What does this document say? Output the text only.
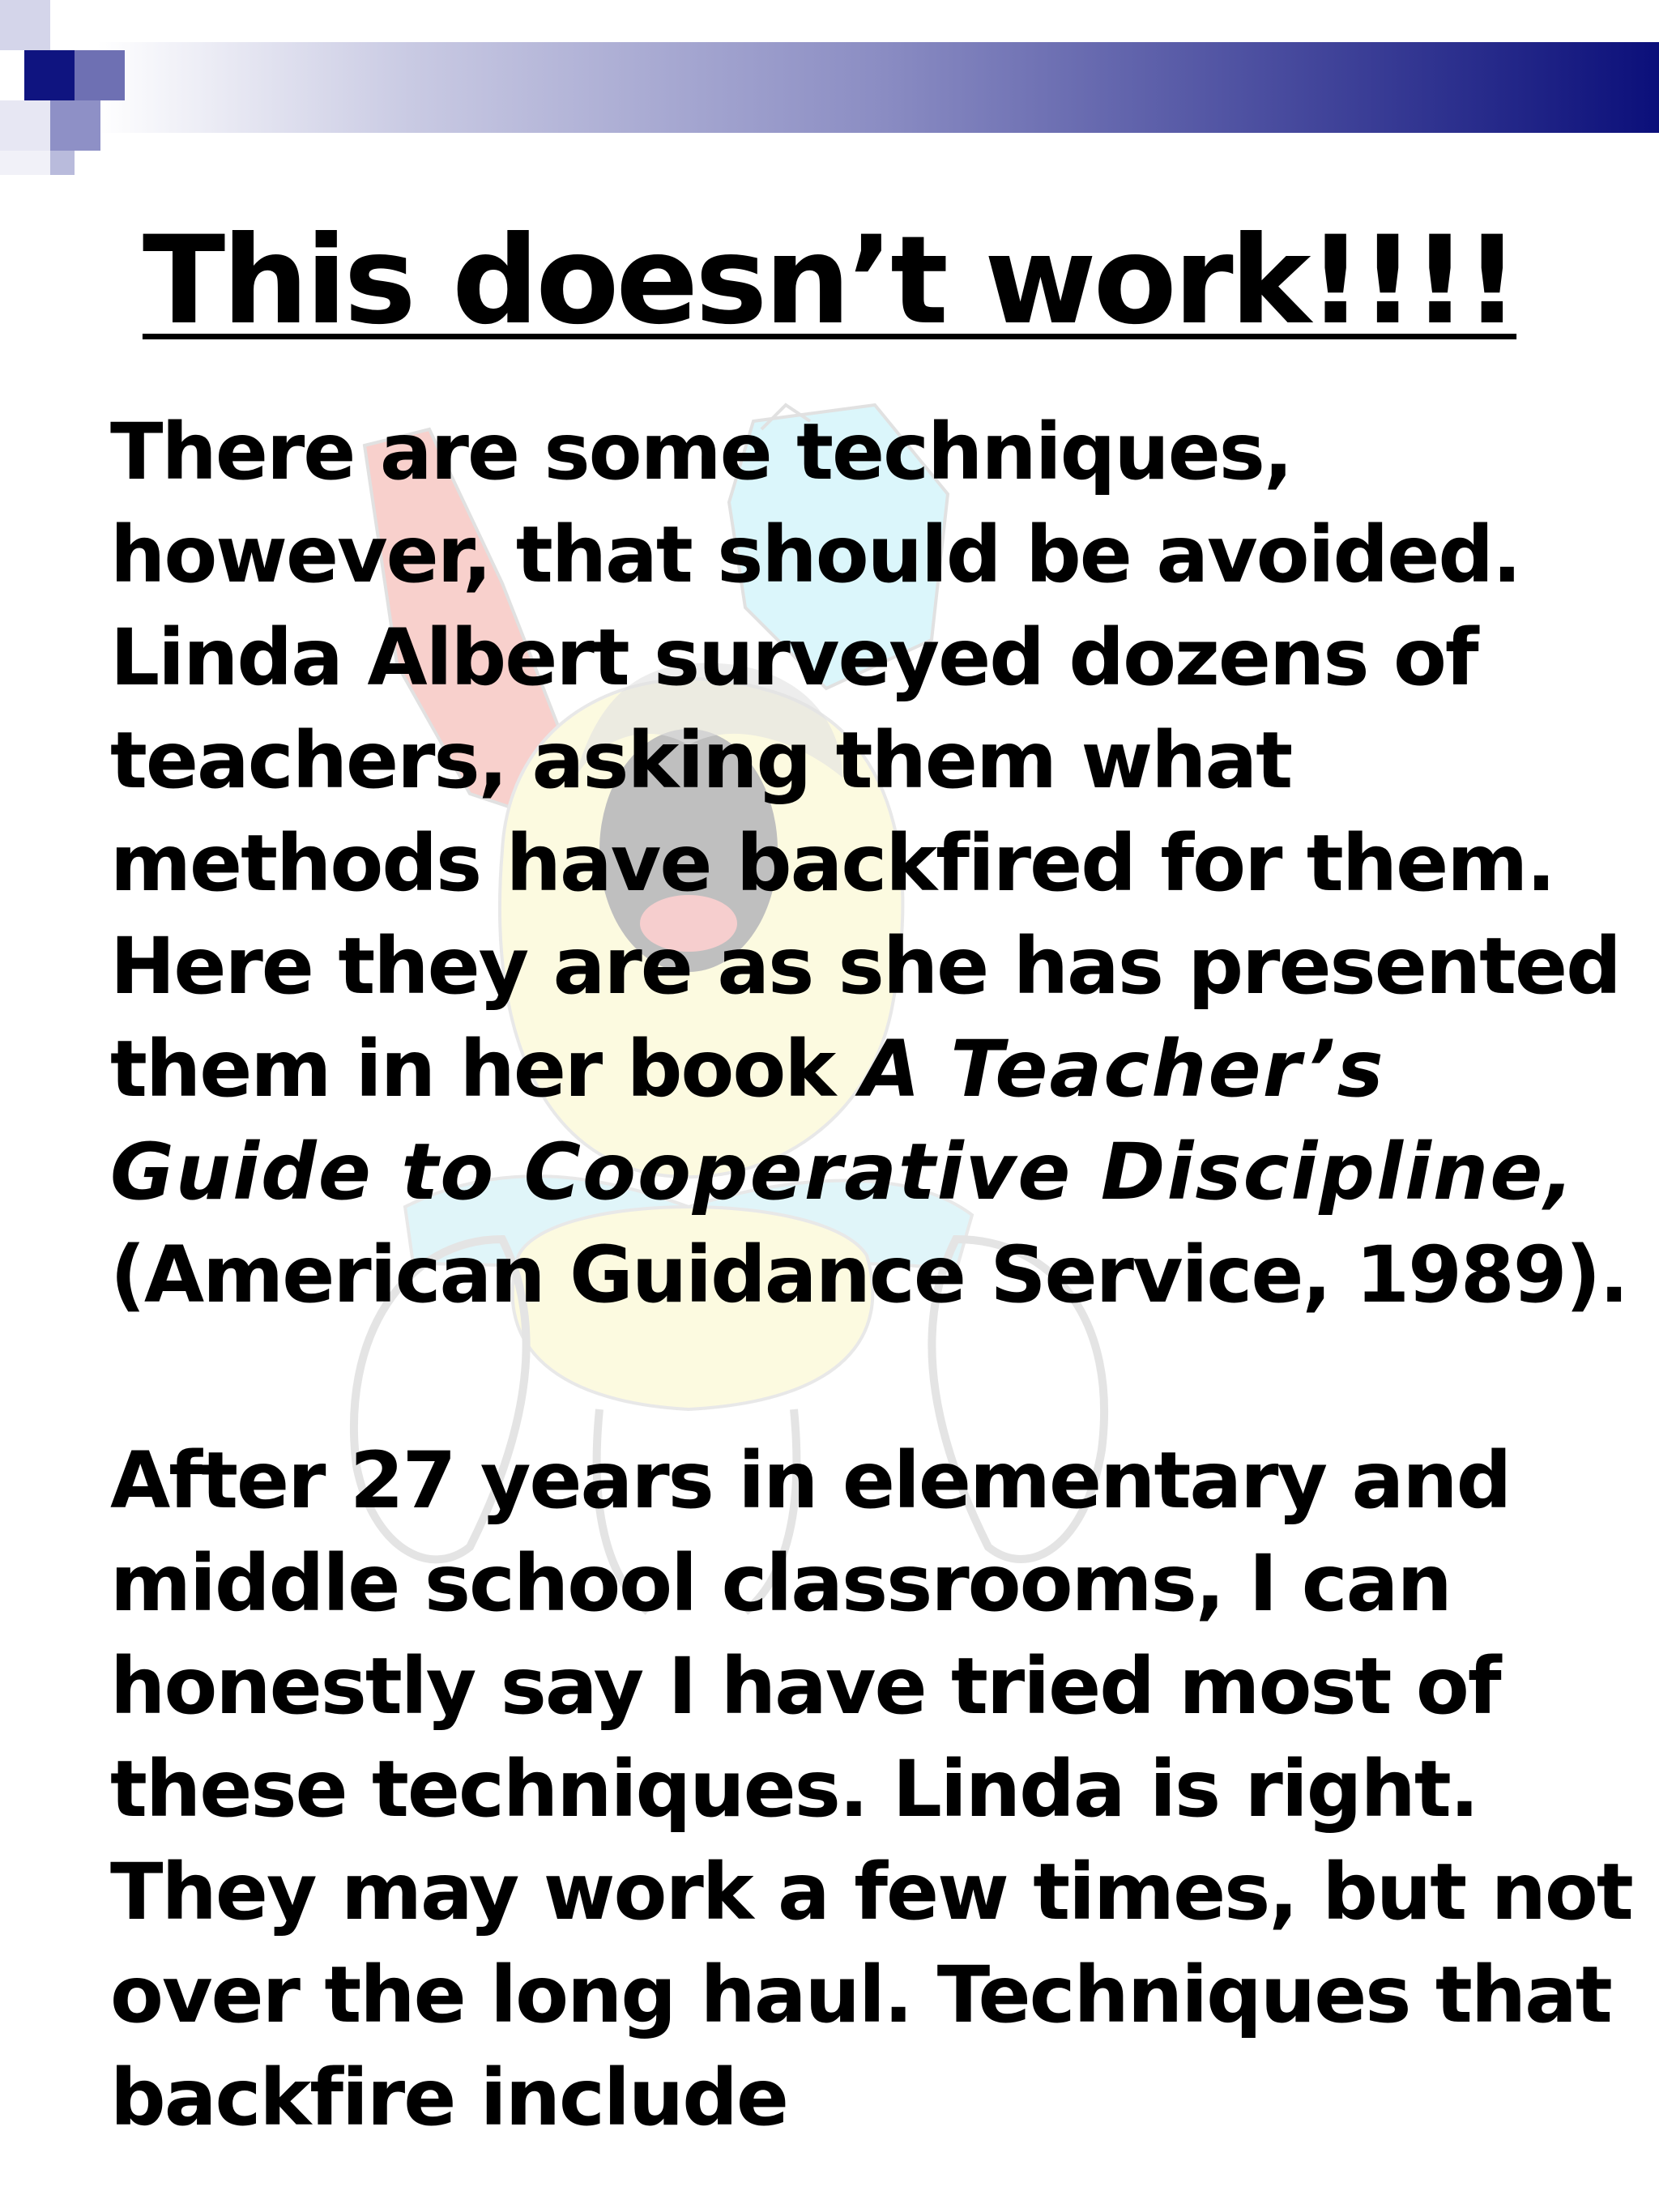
This doesn’t work!!!!

There are some techniques, however, that should be avoided. Linda Albert surveyed dozens of teachers, asking them what methods have backfired for them. Here they are as she has presented them in her book A Teacher’s Guide to Cooperative Discipline, (American Guidance Service, 1989).

After 27 years in elementary and middle school classrooms, I can honestly say I have tried most of these techniques. Linda is right. They may work a few times, but not over the long haul. Techniques that backfire include
